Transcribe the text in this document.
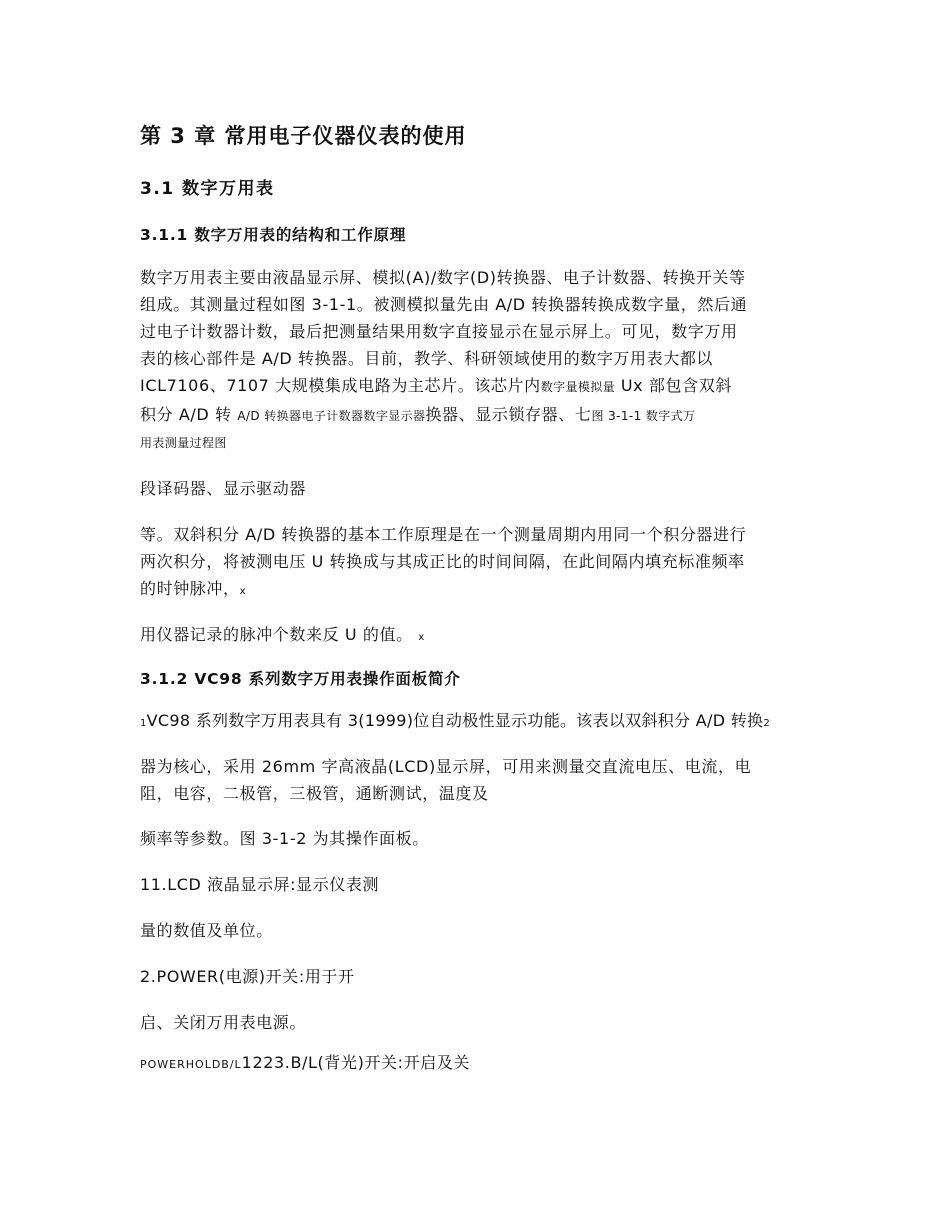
第 3 章 常用电子仪器仪表的使用
3.1 数字万用表
3.1.1 数字万用表的结构和工作原理
数字万用表主要由液晶显示屏、模拟(A)/数字(D)转换器、电子计数器、转换开关等
组成。其测量过程如图 3-1-1。被测模拟量先由 A/D 转换器转换成数字量，然后通
过电子计数器计数，最后把测量结果用数字直接显示在显示屏上。可见，数字万用
表的核心部件是 A/D 转换器。目前，教学、科研领域使用的数字万用表大都以
ICL7106、7107 大规模集成电路为主芯片。该芯片内数字量模拟量 Ux 部包含双斜
积分 A/D 转 A/D 转换器电子计数器数字显示器换器、显示锁存器、七图 3-1-1 数字式万
用表测量过程图

段译码器、显示驱动器

等。双斜积分 A/D 转换器的基本工作原理是在一个测量周期内用同一个积分器进行
两次积分，将被测电压 U 转换成与其成正比的时间间隔，在此间隔内填充标准频率
的时钟脉冲，x

用仪器记录的脉冲个数来反 U 的值。 x

3.1.2 VC98 系列数字万用表操作面板简介

1VC98 系列数字万用表具有 3(1999)位自动极性显示功能。该表以双斜积分 A/D 转换2

器为核心，采用 26mm 字高液晶(LCD)显示屏，可用来测量交直流电压、电流，电
阻，电容，二极管，三极管，通断测试，温度及

频率等参数。图 3-1-2 为其操作面板。

11.LCD 液晶显示屏:显示仪表测

量的数值及单位。

2.POWER(电源)开关:用于开

启、关闭万用表电源。

POWERHOLDB/L1223.B/L(背光)开关:开启及关
